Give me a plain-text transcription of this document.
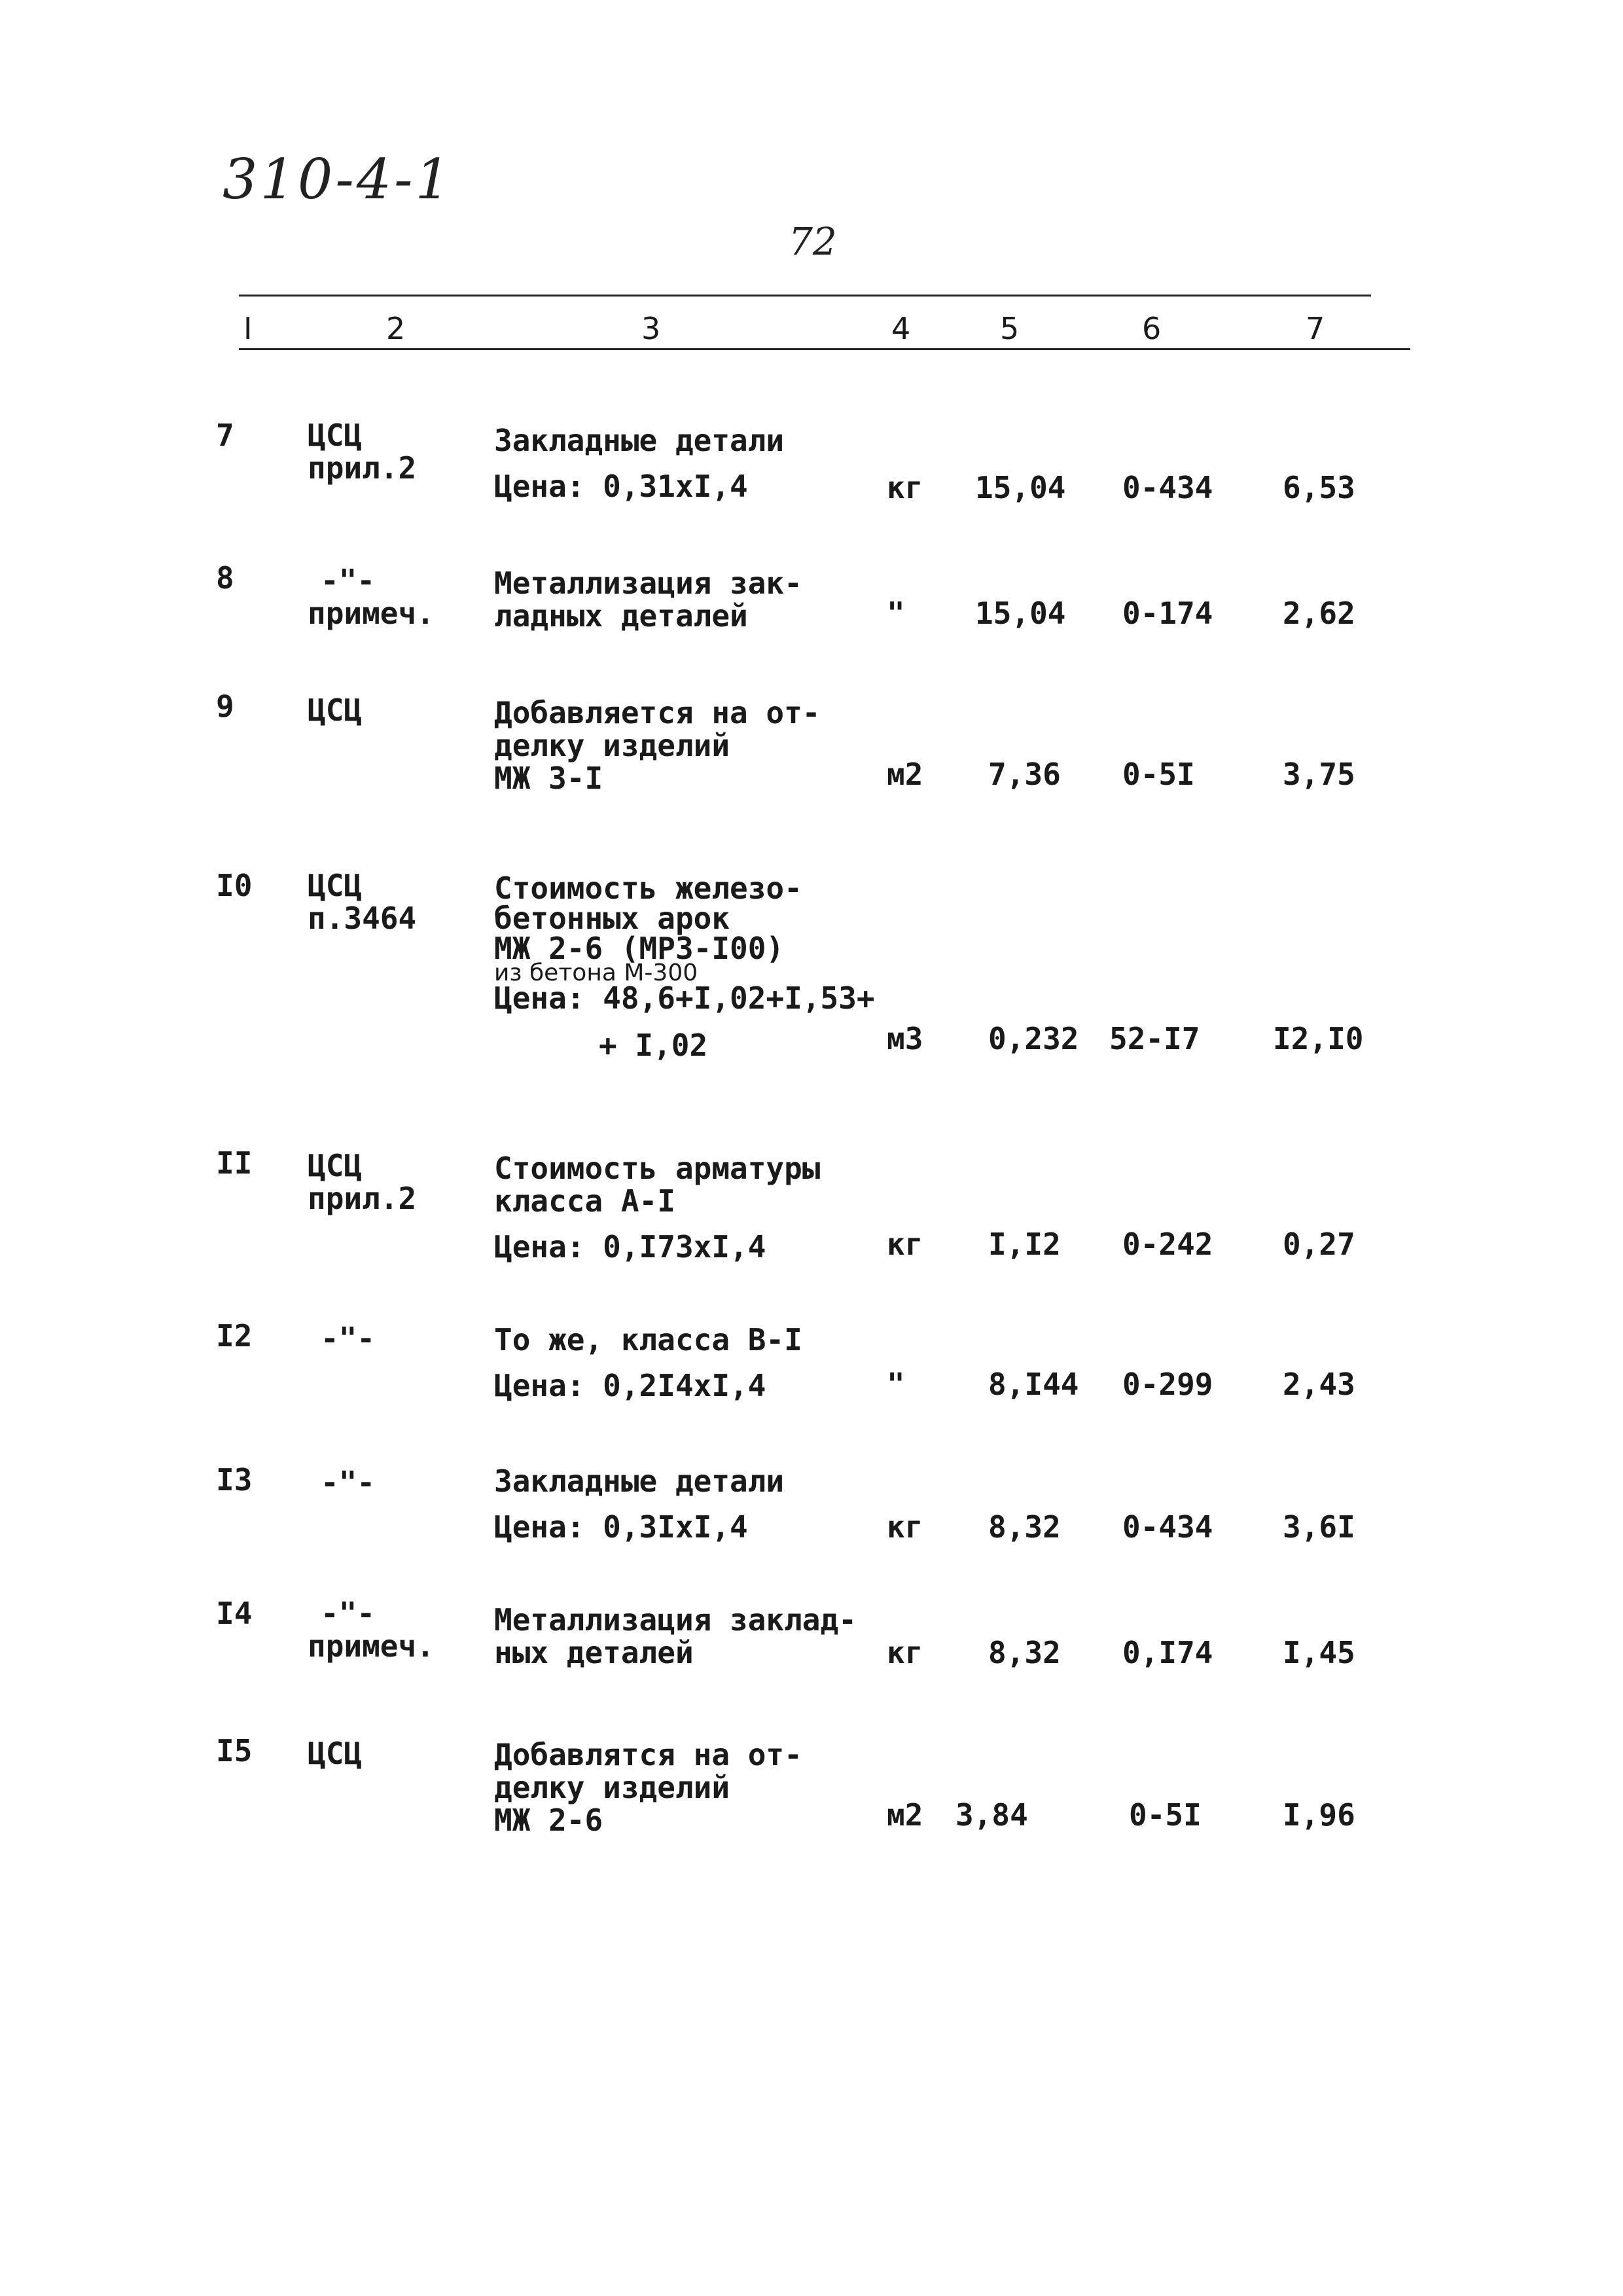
310-4-1
72
I	2	3	4	5	6	7
7 ЦСЦ
прил.2
Закладные детали
Цена: 0,31хI,4	кг 15,04 0-434 6,53
8	-"-
примеч.
Металлизация зак-
ладных деталей	" 15,04 0-174 2,62
9 ЦСЦ	Добавляется на от-
делку изделий
МЖ 3-I	м2 7,36 0-5I	3,75
I0 ЦСЦ
п.3464
Стоимость железо-
бетонных арок
МЖ 2-6 (МРЗ-I00)
из бетона М-300
Цена: 48,6+I,02+I,53+
+ I,02	м3 0,232 52-I7 I2,I0
II ЦСЦ
прил.2
Стоимость арматуры
класса А-I
Цена: 0,I73хI,4	кг I,I2 0-242 0,27
I2 -"-	То же, класса В-I
Цена: 0,2I4хI,4	"	8,I44 0-299 2,43
I3 -"-	Закладные детали
Цена: 0,3IхI,4	кг 8,32 0-434 3,6I
I4	-"-
примеч.
Металлизация заклад-
ных деталей	кг 8,32 0,I74 I,45
I5 ЦСЦ	Добавлятся на от-
делку изделий
МЖ 2-6	м2 3,84	0-5I	I,96
